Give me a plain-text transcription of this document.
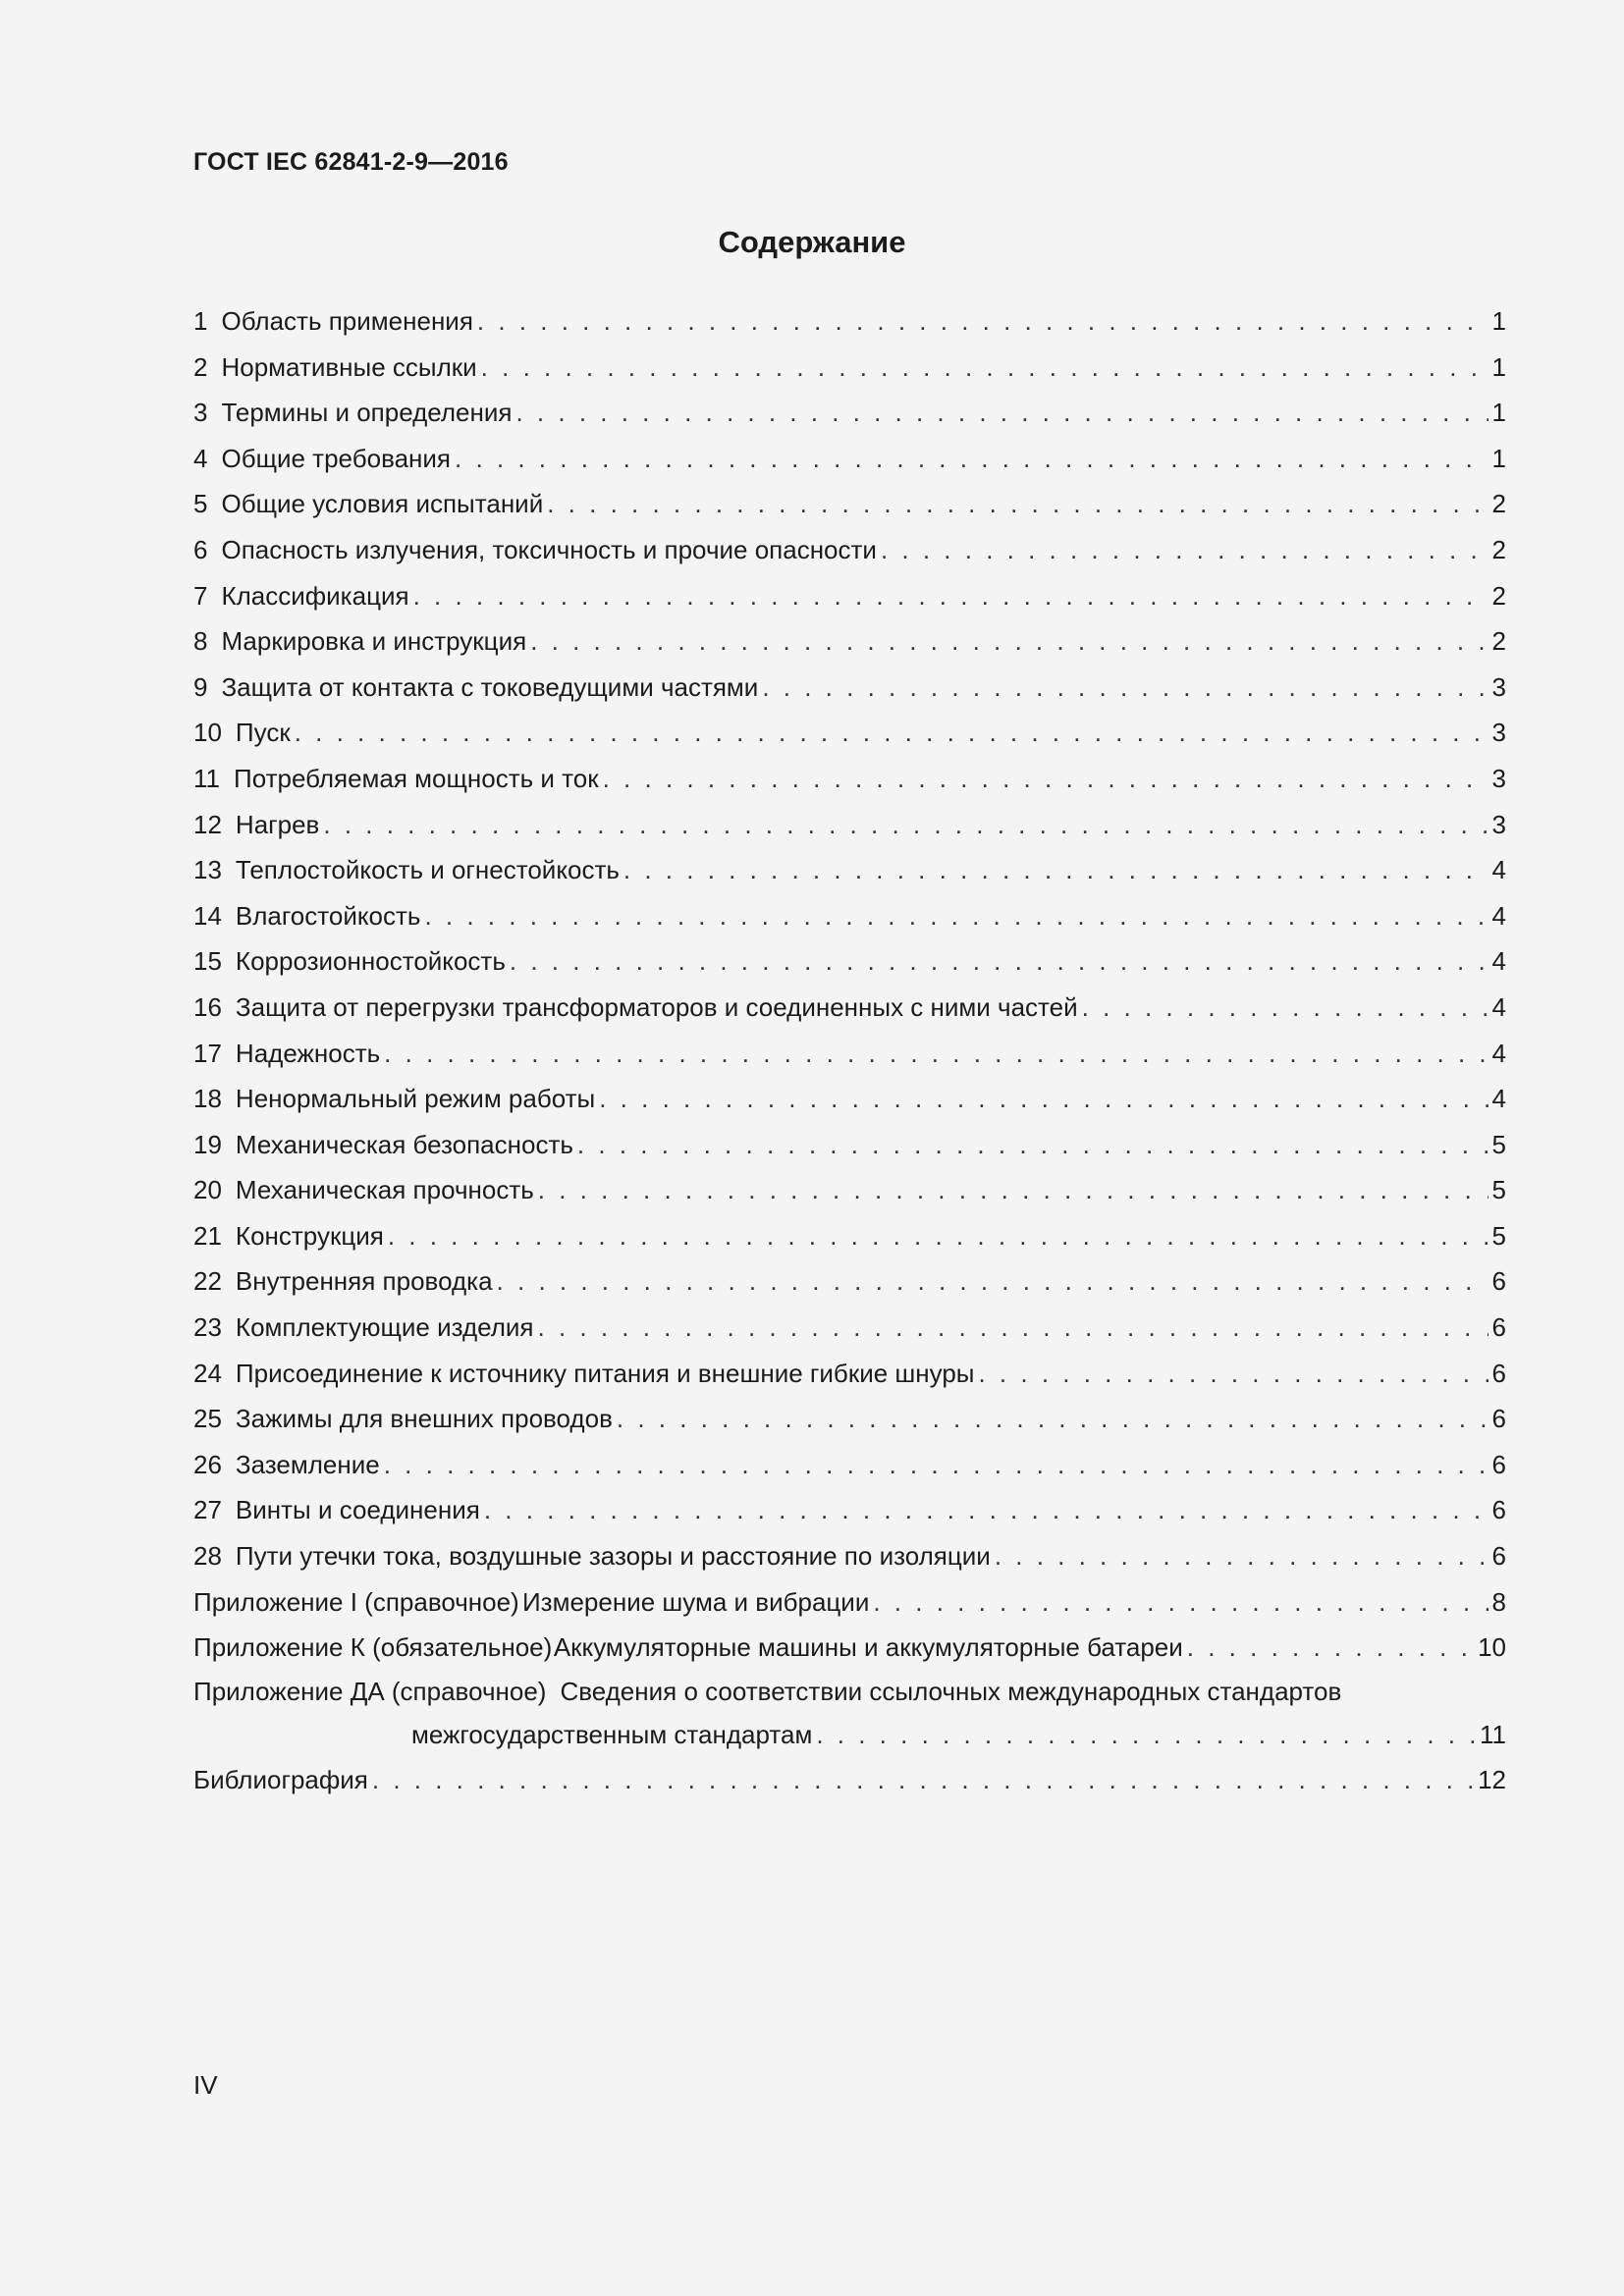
ГОСТ IEC 62841-2-9—2016
Содержание
1 Область применения . . .	1
2 Нормативные ссылки . . .	1
3 Термины и определения . . .	1
4 Общие требования . . .	1
5 Общие условия испытаний . . .	2
6 Опасность излучения, токсичность и прочие опасности . . .	2
7 Классификация . . .	2
8 Маркировка и инструкция . . .	2
9 Защита от контакта с токоведущими частями . . .	3
10 Пуск . . .	3
11 Потребляемая мощность и ток . . .	3
12 Нагрев . . .	3
13 Теплостойкость и огнестойкость . . .	4
14 Влагостойкость . . .	4
15 Коррозионностойкость . . .	4
16 Защита от перегрузки трансформаторов и соединенных с ними частей . . .	4
17 Надежность . . .	4
18 Ненормальный режим работы . . .	4
19 Механическая безопасность . . .	5
20 Механическая прочность . . .	5
21 Конструкция . . .	5
22 Внутренняя проводка . . .	6
23 Комплектующие изделия . . .	6
24 Присоединение к источнику питания и внешние гибкие шнуры . . .	6
25 Зажимы для внешних проводов . . .	6
26 Заземление . . .	6
27 Винты и соединения . . .	6
28 Пути утечки тока, воздушные зазоры и расстояние по изоляции . . .	6
Приложение I (справочное) Измерение шума и вибрации . . .	8
Приложение К (обязательное) Аккумуляторные машины и аккумуляторные батареи . . .	10
Приложение ДА (справочное) Сведения о соответствии ссылочных международных стандартов
межгосударственным стандартам . . .	11
Библиография . . .	12
IV
